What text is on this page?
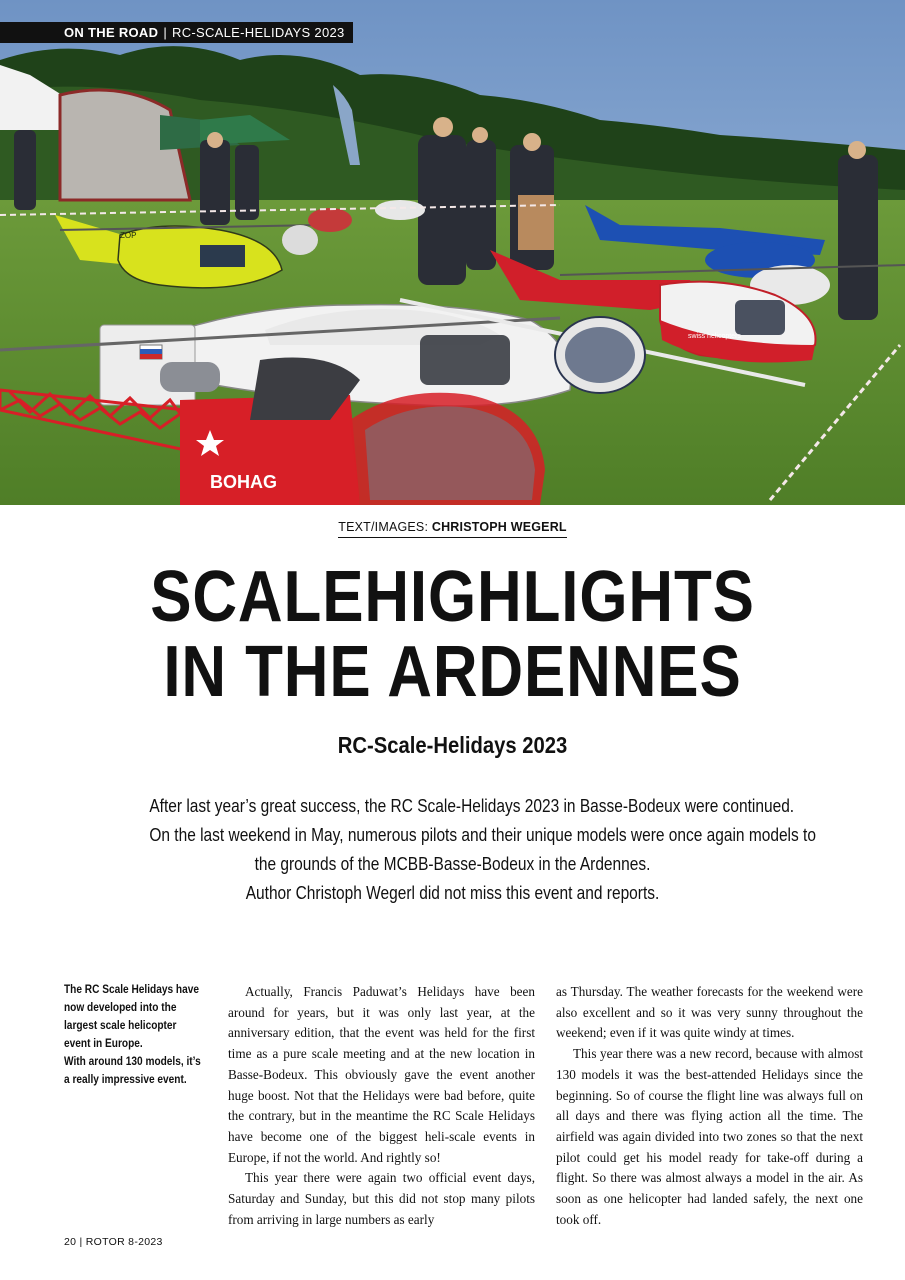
BOHAG
swiss helicopters
ZOP
ON THE ROAD | RC-SCALE-HELIDAYS 2023
TEXT/IMAGES: CHRISTOPH WEGERL
SCALEHIGHLIGHTS
IN THE ARDENNES
RC-Scale-Helidays 2023

After last year’s great success, the RC Scale-Helidays 2023 in Basse-Bodeux were continued.

On the last weekend in May, numerous pilots and their unique models were once again models to

the grounds of the MCBB-Basse-Bodeux in the Ardennes.

Author Christoph Wegerl did not miss this event and reports.

The RC Scale Helidays have

now developed into the

largest scale helicopter

event in Europe.

With around 130 models, it’s

a really impressive event.

Actually, Francis Paduwat’s Helidays have been around for years, but it was only last year, at the anniversary edition, that the event was held for the first time as a pure scale meeting and at the new location in Basse-Bodeux. This obviously gave the event another huge boost. Not that the Helidays were bad before, quite the contrary, but in the meantime the RC Scale Helidays have become one of the biggest heli-scale events in Europe, if not the world. And rightly so!

This year there were again two official event days, Saturday and Sunday, but this did not stop many pilots from arriving in large numbers as early

as Thursday. The weather forecasts for the weekend were also excellent and so it was very sunny throughout the weekend; even if it was quite windy at times.

This year there was a new record, because with almost 130 models it was the best-attended Helidays since the beginning. So of course the flight line was always full on all days and there was flying action all the time. The airfield was again divided into two zones so that the next pilot could get his model ready for take-off during a flight. So there was almost always a model in the air. As soon as one helicopter had landed safely, the next one took off.

20 | ROTOR 8-2023
